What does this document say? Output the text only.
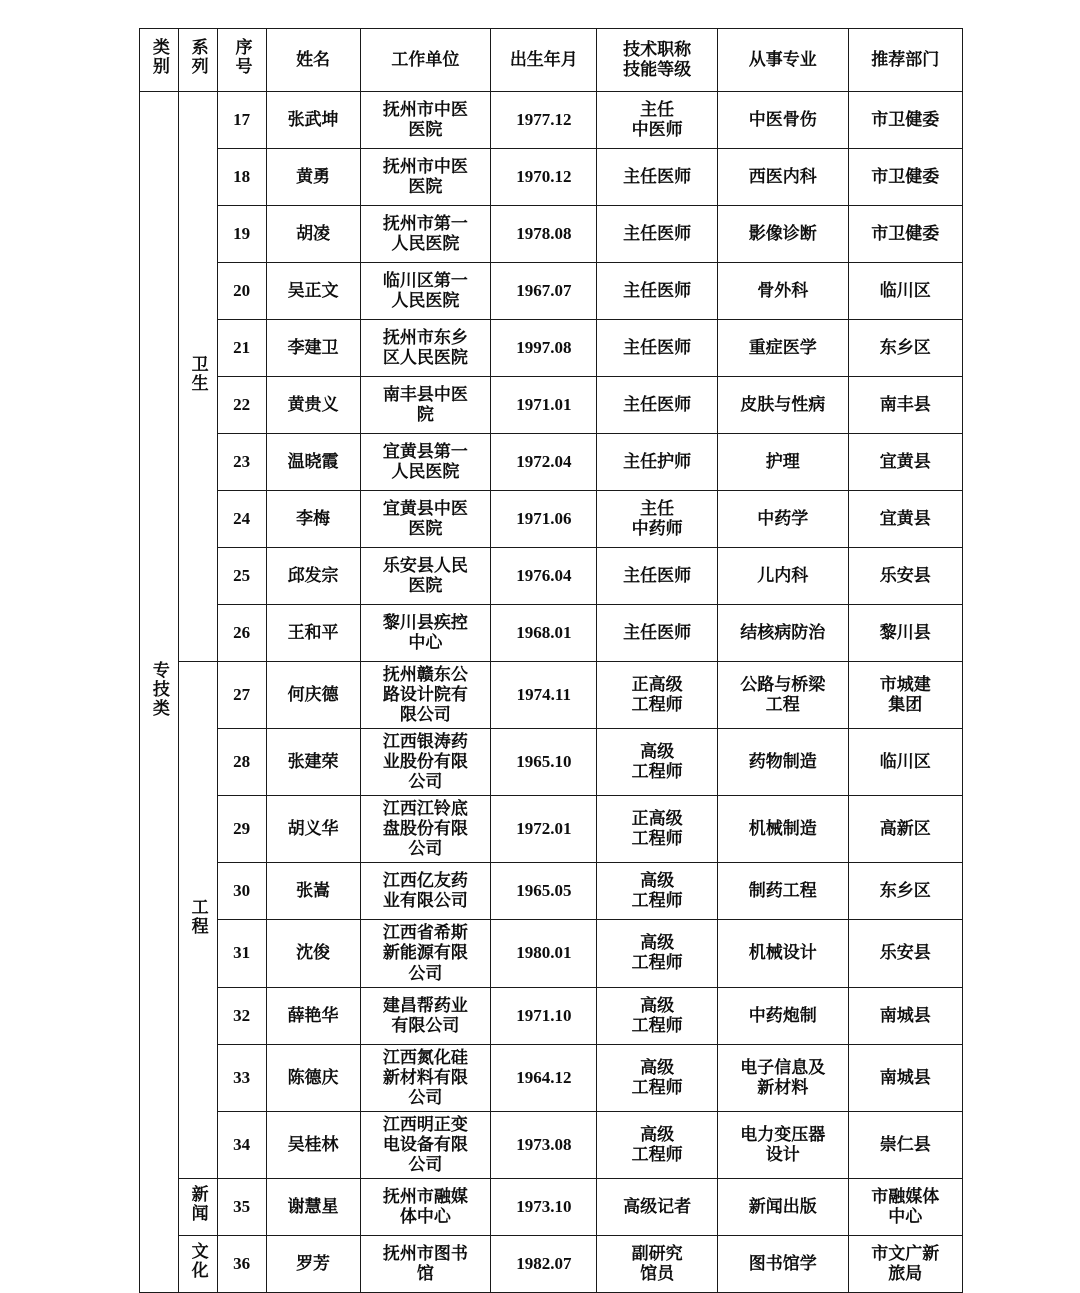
类别	系列	序号	姓名	工作单位	出生年月	技术职称
技能等级	从事专业	推荐部门
专技类	卫生	17	张武坤	抚州市中医
医院	1977.12	主任
中医师	中医骨伤	市卫健委

		18	黄勇	抚州市中医
医院	1970.12	主任医师	西医内科	市卫健委

		19	胡凌	抚州市第一
人民医院	1978.08	主任医师	影像诊断	市卫健委

		20	吴正文	临川区第一
人民医院	1967.07	主任医师	骨外科	临川区

		21	李建卫	抚州市东乡
区人民医院	1997.08	主任医师	重症医学	东乡区

		22	黄贵义	南丰县中医
院	1971.01	主任医师	皮肤与性病	南丰县

		23	温晓霞	宜黄县第一
人民医院	1972.04	主任护师	护理	宜黄县

		24	李梅	宜黄县中医
医院	1971.06	主任
中药师	中药学	宜黄县

		25	邱发宗	乐安县人民
医院	1976.04	主任医师	儿内科	乐安县

		26	王和平	黎川县疾控
中心	1968.01	主任医师	结核病防治	黎川县

	工程	27	何庆德	抚州赣东公
路设计院有
限公司	1974.11	正高级
工程师	公路与桥梁
工程	市城建
集团

		28	张建荣	江西银涛药
业股份有限
公司	1965.10	高级
工程师	药物制造	临川区

		29	胡义华	江西江铃底
盘股份有限
公司	1972.01	正高级
工程师	机械制造	高新区

		30	张嵩	江西亿友药
业有限公司	1965.05	高级
工程师	制药工程	东乡区

		31	沈俊	江西省希斯
新能源有限
公司	1980.01	高级
工程师	机械设计	乐安县

		32	薛艳华	建昌帮药业
有限公司	1971.10	高级
工程师	中药炮制	南城县

		33	陈德庆	江西氮化硅
新材料有限
公司	1964.12	高级
工程师	电子信息及
新材料	南城县

		34	吴桂林	江西明正变
电设备有限
公司	1973.08	高级
工程师	电力变压器
设计	崇仁县

	新闻	35	谢慧星	抚州市融媒
体中心	1973.10	高级记者	新闻出版	市融媒体
中心

	文化	36	罗芳	抚州市图书
馆	1982.07	副研究
馆员	图书馆学	市文广新
旅局
